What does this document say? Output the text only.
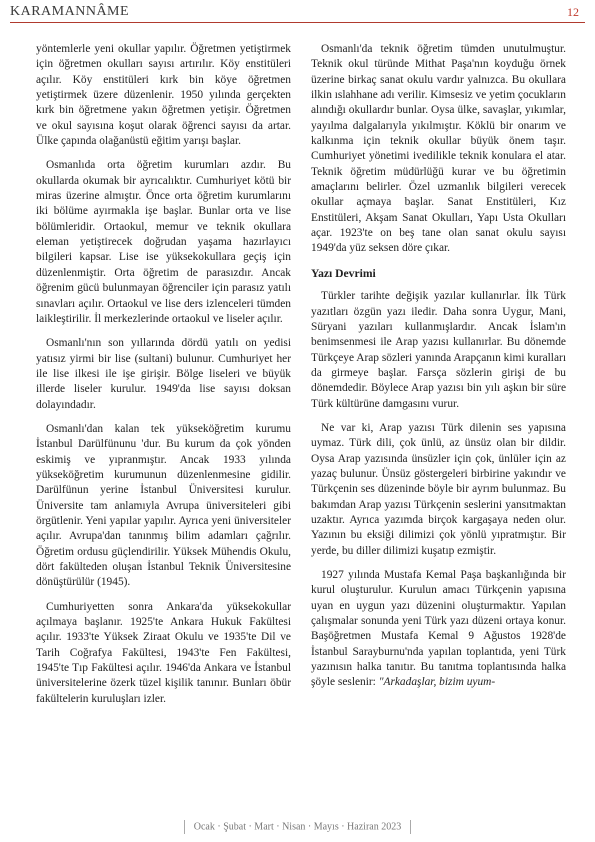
KARAMANNÂME	12

yöntemlerle yeni okullar yapılır. Öğretmen yetiştirmek için öğretmen okulları sayısı artırılır. Köy enstitüleri açılır. Köy enstitüleri kırk bin köye öğretmen yetiştirmek üzere düzenlenir. 1950 yılında gerçekten kırk bin öğretmene yakın öğretmen yetişir. Öğretmen ve okul sayısına koşut olarak öğrenci sayısı da artar. Ülke çapında olağanüstü eğitim yarışı başlar.

Osmanlıda orta öğretim kurumları azdır. Bu okullarda okumak bir ayrıcalıktır. Cumhuriyet kötü bir miras üzerine almıştır. Önce orta öğretim kurumlarını iki bölüme ayırmakla işe başlar. Bunlar orta ve lise bölümleridir. Ortaokul, memur ve teknik okullara eleman yetiştirecek doğrudan yaşama hazırlayıcı bilgileri kapsar. Lise ise yüksekokullara geçiş için düzenlenmiştir. Orta öğretim de parasızdır. Ancak öğrenim gücü bulunmayan öğrenciler için parasız yatılı sınavları açılır. Ortaokul ve lise ders izlenceleri tümden laikleştirilir. İl merkezlerinde ortaokul ve liseler açılır.

Osmanlı'nın son yıllarında dördü yatılı on yedisi yatısız yirmi bir lise (sultani) bulunur. Cumhuriyet her ile lise ilkesi ile işe girişir. Bölge liseleri ve büyük illerde liseler kurulur. 1949'da lise sayısı doksan dolayındadır.

Osmanlı'dan kalan tek yükseköğretim kurumu İstanbul Darülfünunu 'dur. Bu kurum da çok yönden eskimiş ve yıpranmıştır. Ancak 1933 yılında yükseköğretim kurumunun düzenlenmesine gidilir. Darülfünun yerine İstanbul Üniversitesi kurulur. Üniversite tam anlamıyla Avrupa üniversiteleri gibi örgütlenir. Yeni yapılar yapılır. Ayrıca yeni üniversiteler açılır. Avrupa'dan tanınmış bilim adamları çağrılır. Öğretim ordusu güçlendirilir. Yüksek Mühendis Okulu, dört fakülteden oluşan İstanbul Teknik Üniversitesine dönüştürülür (1945).

Cumhuriyetten sonra Ankara'da yüksekokullar açılmaya başlanır. 1925'te Ankara Hukuk Fakültesi açılır. 1933'te Yüksek Ziraat Okulu ve 1935'te Dil ve Tarih Coğrafya Fakültesi, 1943'te Fen Fakültesi, 1945'te Tıp Fakültesi açılır. 1946'da Ankara ve İstanbul üniversitelerine özerk tüzel kişilik tanınır. Bunları öbür fakültelerin kuruluşları izler.

Osmanlı'da teknik öğretim tümden unutulmuştur. Teknik okul türünde Mithat Paşa'nın koyduğu örnek üzerine birkaç sanat okulu vardır yalnızca. Bu okullara ilkin ıslahhane adı verilir. Kimsesiz ve yetim çocukların alındığı okullardır bunlar. Oysa ülke, savaşlar, yıkımlar, yayılma dalgalarıyla yıkılmıştır. Köklü bir onarım ve kalkınma için teknik okullar büyük önem taşır. Cumhuriyet yönetimi ivedilikle teknik konulara el atar. Teknik öğretim müdürlüğü kurar ve bu öğretimin amaçlarını belirler. Özel uzmanlık bilgileri verecek okullar açmaya başlar. Sanat Enstitüleri, Kız Enstitüleri, Akşam Sanat Okulları, Yapı Usta Okulları açar. 1923'te on beş tane olan sanat okulu sayısı 1949'da yüz seksen döre çıkar.

Yazı Devrimi

Türkler tarihte değişik yazılar kullanırlar. İlk Türk yazıtları özgün yazı iledir. Daha sonra Uygur, Mani, Süryani yazıları kullanmışlardır. Ancak İslam'ın benimsenmesi ile Arap yazısı kullanırlar. Bu dönemde Türkçeye Arap sözleri yanında Arapçanın kimi kuralları da girmeye başlar. Farsça sözlerin girişi de bu dönemdedir. Böylece Arap yazısı bin yılı aşkın bir süre Türk kültürüne damgasını vurur.

Ne var ki, Arap yazısı Türk dilenin ses yapısına uymaz. Türk dili, çok ünlü, az ünsüz olan bir dildir. Oysa Arap yazısında ünsüzler için çok, ünlüler için az yazaç bulunur. Ünsüz göstergeleri birbirine yakındır ve Türkçenin ses düzeninde böyle bir ayrım bulunmaz. Bu bakımdan Arap yazısı Türkçenin seslerini yansıtmaktan uzaktır. Ayrıca yazımda birçok kargaşaya neden olur. Yazının bu eksiği dilimizi çok yönlü yıpratmıştır. Bir yerde, bu diller dilimizi kuşatıp ezmiştir.

1927 yılında Mustafa Kemal Paşa başkanlığında bir kurul oluşturulur. Kurulun amacı Türkçenin yapısına uyan en uygun yazı düzenini oluşturmaktır. Yapılan çalışmalar sonunda yeni Türk yazı düzeni ortaya konur. Başöğretmen Mustafa Kemal 9 Ağustos 1928'de İstanbul Sarayburnu'nda yapılan toplantıda, yeni Türk yazınısın halka tanıtır. Bu tanıtma toplantısında halka şöyle seslenir: "Arkadaşlar, bizim uyum-

Ocak · Şubat · Mart · Nisan · Mayıs · Haziran 2023
